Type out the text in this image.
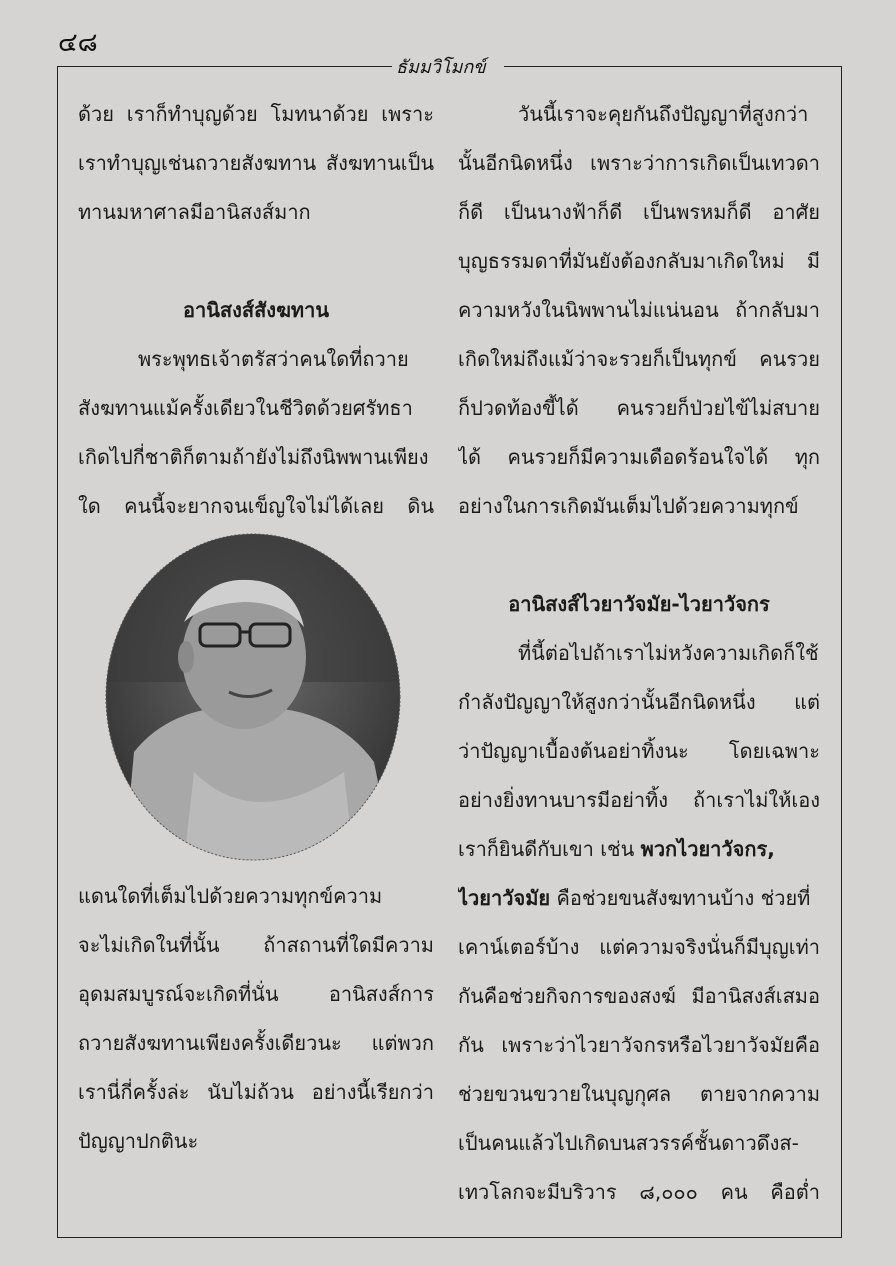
๔๘
ธัมมวิโมกข์
ด้วย เราก็ทำบุญด้วย โมทนาด้วย เพราะ
เราทำบุญเช่นถวายสังฆทาน สังฆทานเป็น
ทานมหาศาลมีอานิสงส์มาก
อานิสงส์สังฆทาน
พระพุทธเจ้าตรัสว่าคนใดที่ถวาย
สังฆทานแม้ครั้งเดียวในชีวิตด้วยศรัทธา
เกิดไปกี่ชาติก็ตามถ้ายังไม่ถึงนิพพานเพียง
ใด คนนี้จะยากจนเข็ญใจไม่ได้เลย ดิน
แดนใดที่เต็มไปด้วยความทุกข์ความ
จะไม่เกิดในที่นั้น ถ้าสถานที่ใดมีความ
อุดมสมบูรณ์จะเกิดที่นั่น อานิสงส์การ
ถวายสังฆทานเพียงครั้งเดียวนะ แต่พวก
เรานี่กี่ครั้งล่ะ นับไม่ถ้วน อย่างนี้เรียกว่า
ปัญญาปกตินะ
วันนี้เราจะคุยกันถึงปัญญาที่สูงกว่า
นั้นอีกนิดหนึ่ง เพราะว่าการเกิดเป็นเทวดา
ก็ดี เป็นนางฟ้าก็ดี เป็นพรหมก็ดี อาศัย
บุญธรรมดาที่มันยังต้องกลับมาเกิดใหม่ มี
ความหวังในนิพพานไม่แน่นอน ถ้ากลับมา
เกิดใหม่ถึงแม้ว่าจะรวยก็เป็นทุกข์ คนรวย
ก็ปวดท้องขี้ได้ คนรวยก็ป่วยไข้ไม่สบาย
ได้ คนรวยก็มีความเดือดร้อนใจได้ ทุก
อย่างในการเกิดมันเต็มไปด้วยความทุกข์
อานิสงส์ไวยาวัจมัย-ไวยาวัจกร
ที่นี้ต่อไปถ้าเราไม่หวังความเกิดก็ใช้
กำลังปัญญาให้สูงกว่านั้นอีกนิดหนึ่ง แต่
ว่าปัญญาเบื้องต้นอย่าทิ้งนะ โดยเฉพาะ
อย่างยิ่งทานบารมีอย่าทิ้ง ถ้าเราไม่ให้เอง
เราก็ยินดีกับเขา เช่น พวกไวยาวัจกร,
ไวยาวัจมัย คือช่วยขนสังฆทานบ้าง ช่วยที่
เคาน์เตอร์บ้าง แต่ความจริงนั่นก็มีบุญเท่า
กันคือช่วยกิจการของสงฆ์ มีอานิสงส์เสมอ
กัน เพราะว่าไวยาวัจกรหรือไวยาวัจมัยคือ
ช่วยขวนขวายในบุญกุศล ตายจากความ
เป็นคนแล้วไปเกิดบนสวรรค์ชั้นดาวดึงส-
เทวโลกจะมีบริวาร ๘,๐๐๐ คน คือต่ำ
